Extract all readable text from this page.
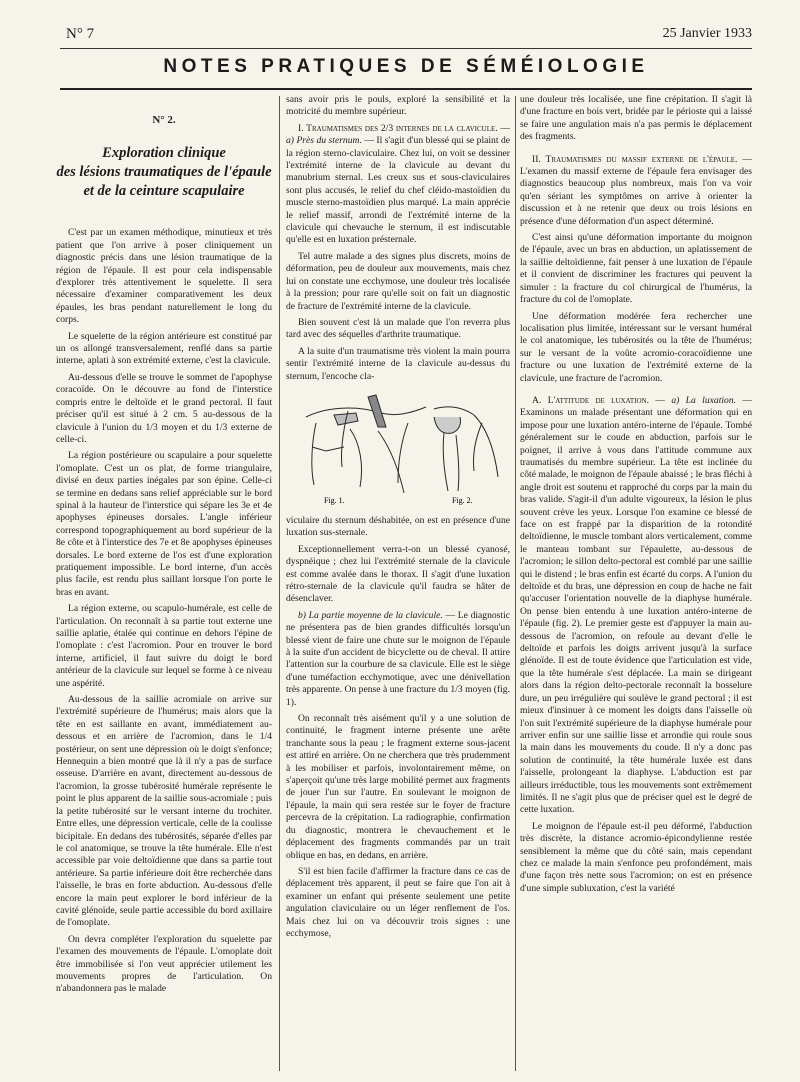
N° 7	25 Janvier 1933
NOTES PRATIQUES DE SÉMÉIOLOGIE
N° 2.
Exploration clinique
des lésions traumatiques de l'épaule
et de la ceinture scapulaire

C'est par un examen méthodique, minutieux et très patient que l'on arrive à poser cliniquement un diagnostic précis dans une lésion traumatique de la région de l'épaule. Il est pour cela indispensable d'explorer très attentivement le squelette. Il sera nécessaire d'examiner comparativement les deux épaules, les bras pendant naturellement le long du corps.

Le squelette de la région antérieure est constitué par un os allongé transversalement, renflé dans sa partie interne, aplati à son extrémité externe, c'est la clavicule.

Au-dessous d'elle se trouve le sommet de l'apophyse coracoïde. On le découvre au fond de l'interstice compris entre le deltoïde et le grand pectoral. Il faut préciser qu'il est situé à 2 cm. 5 au-dessous de la clavicule à l'union du 1/3 moyen et du 1/3 externe de celle-ci.

La région postérieure ou scapulaire a pour squelette l'omoplate. C'est un os plat, de forme triangulaire, divisé en deux parties inégales par son épine. Celle-ci se termine en dedans sans relief appréciable sur le bord spinal à la hauteur de l'interstice qui sépare les 3e et 4e apophyses épineuses dorsales. L'angle inférieur correspond topographiquement au bord supérieur de la 8e côte et à l'interstice des 7e et 8e apophyses épineuses dorsales. Le bord externe de l'os est d'une exploration pratiquement impossible. Le bord interne, d'un accès plus facile, est rendu plus saillant lorsque l'on porte le bras en avant.

La région externe, ou scapulo-humérale, est celle de l'articulation. On reconnaît à sa partie tout externe une saillie aplatie, étalée qui continue en dehors l'épine de l'omoplate : c'est l'acromion. Pour en trouver le bord interne, artificiel, il faut suivre du doigt le bord antérieur de la clavicule sur lequel se forme à ce niveau une aspérité.

Au-dessous de la saillie acromiale on arrive sur l'extrémité supérieure de l'humérus; mais alors que la tête en est saillante en avant, immédiatement au-dessous et en arrière de l'acromion, dans le 1/4 postérieur, on sent une dépression où le doigt s'enfonce; Hennequin a bien montré que là il n'y a pas de surface osseuse. D'arrière en avant, directement au-dessous de l'acromion, la grosse tubérosité humérale représente le point le plus apparent de la saillie sous-acromiale ; puis la petite tubérosité sur le versant interne du trochiter. Entre elles, une dépression verticale, celle de la coulisse bicipitale. En dedans des tubérosités, séparée d'elles par le col anatomique, se trouve la tête humérale. Elle n'est accessible par voie deltoïdienne que dans sa partie tout antérieure. Sa partie inférieure doit être recherchée dans l'aisselle, le bras en forte abduction. Au-dessous d'elle encore la main peut explorer le bord inférieur de la cavité glénoïde, seule partie accessible du bord axillaire de l'omoplate.

On devra compléter l'exploration du squelette par l'examen des mouvements de l'épaule. L'omoplate doit être immobilisée si l'on veut apprécier utilement les mouvements propres de l'articulation. On n'abandonnera pas le malade

sans avoir pris le pouls, exploré la sensibilité et la motricité du membre supérieur.

I. Traumatismes des 2/3 internes de la clavicule. — a) Près du sternum. — Il s'agit d'un blessé qui se plaint de la région sterno-claviculaire. Chez lui, on voit se dessiner l'extrémité interne de la clavicule au devant du manubrium sternal. Les creux sus et sous-claviculaires sont plus accusés, le relief du chef cléido-mastoïdien du muscle sterno-mastoïdien plus marqué. La main apprécie le relief massif, arrondi de l'extrémité interne de la clavicule qui chevauche le sternum, il est indiscutable qu'elle est en luxation présternale.

Tel autre malade a des signes plus discrets, moins de déformation, peu de douleur aux mouvements, mais chez lui on constate une ecchymose, une douleur très localisée à la pression; pour rare qu'elle soit on fait un diagnostic de fracture de l'extrémité interne de la clavicule.

Bien souvent c'est là un malade que l'on reverra plus tard avec des séquelles d'arthrite traumatique.

A la suite d'un traumatisme très violent la main pourra sentir l'extrémité interne de la clavicule au-dessus du sternum, l'encoche cla-

Fig. 1.	Fig. 2.

viculaire du sternum déshabitée, on est en présence d'une luxation sus-sternale.

Exceptionnellement verra-t-on un blessé cyanosé, dyspnéique ; chez lui l'extrémité sternale de la clavicule est comme avalée dans le thorax. Il s'agit d'une luxation rétro-sternale de la clavicule qu'il faudra se hâter de désenclaver.

b) La partie moyenne de la clavicule. — Le diagnostic ne présentera pas de bien grandes difficultés lorsqu'un blessé vient de faire une chute sur le moignon de l'épaule à la suite d'un accident de bicyclette ou de cheval. Il attire l'attention sur la courbure de sa clavicule. Elle est le siège d'une tuméfaction ecchymotique, avec une dénivellation très apparente. On pense à une fracture du 1/3 moyen (fig. 1).

On reconnaît très aisément qu'il y a une solution de continuité, le fragment interne présente une arête tranchante sous la peau ; le fragment externe sous-jacent est attiré en arrière. On ne cherchera que très prudemment à les mobiliser et parfois, involontairement même, on s'aperçoit qu'une très large mobilité permet aux fragments de jouer l'un sur l'autre. En soulevant le moignon de l'épaule, la main qui sera restée sur le foyer de fracture percevra de la crépitation. La radiographie, confirmation du diagnostic, montrera le chevauchement et le déplacement des fragments commandés par un trait oblique en bas, en dedans, en arrière.

S'il est bien facile d'affirmer la fracture dans ce cas de déplacement très apparent, il peut se faire que l'on ait à examiner un enfant qui présente seulement une petite angulation claviculaire ou un léger renflement de l'os. Mais chez lui on va découvrir trois signes : une ecchymose,

une douleur très localisée, une fine crépitation. Il s'agit là d'une fracture en bois vert, bridée par le périoste qui a laissé se faire une angulation mais n'a pas permis le déplacement des fragments.

II. Traumatismes du massif externe de l'épaule. — L'examen du massif externe de l'épaule fera envisager des diagnostics beaucoup plus nombreux, mais l'on va voir qu'en sériant les symptômes on arrive à orienter la discussion et à ne retenir que deux ou trois lésions en présence d'une déformation d'un aspect déterminé.

C'est ainsi qu'une déformation importante du moignon de l'épaule, avec un bras en abduction, un aplatissement de la saillie deltoïdienne, fait penser à une luxation de l'épaule et il convient de discriminer les fractures qui peuvent la simuler : la fracture du col chirurgical de l'humérus, la fracture du col de l'omoplate.

Une déformation modérée fera rechercher une localisation plus limitée, intéressant sur le versant huméral le col anatomique, les tubérosités ou la tête de l'humérus; sur le versant de la voûte acromio-coracoïdienne une fracture ou une luxation de l'extrémité externe de la clavicule, une fracture de l'acromion.

A. L'attitude de luxation. — a) La luxation. — Examinons un malade présentant une déformation qui en impose pour une luxation antéro-interne de l'épaule. Tombé généralement sur le coude en abduction, parfois sur le poignet, il arrive à vous dans l'attitude commune aux traumatisés du membre supérieur. La tête est inclinée du côté malade, le moignon de l'épaule abaissé ; le bras fléchi à angle droit est soutenu et rapproché du corps par la main du bras valide. S'agit-il d'un adulte vigoureux, la lésion le plus souvent crève les yeux. Lorsque l'on examine ce blessé de face on est frappé par la disparition de la rotondité deltoïdienne, le muscle tombant alors verticalement, comme le manteau tombant sur l'épaulette, au-dessous de l'acromion; le sillon delto-pectoral est comblé par une saillie qui le distend ; le bras enfin est écarté du corps. A l'union du deltoïde et du bras, une dépression en coup de hache ne fait qu'accuser l'orientation nouvelle de la diaphyse humérale. On pense bien entendu à une luxation antéro-interne de l'épaule (fig. 2). Le premier geste est d'appuyer la main au-dessous de l'acromion, on refoule au devant d'elle le deltoïde et parfois les doigts arrivent jusqu'à la surface glénoïde. Il est de toute évidence que l'articulation est vide, que la tête humérale s'est déplacée. La main se dirigeant alors dans la région delto-pectorale reconnaît la bosselure dure, un peu irrégulière qui soulève le grand pectoral ; il est mieux d'insinuer à ce moment les doigts dans l'aisselle où l'on suit l'extrémité supérieure de la diaphyse humérale pour arriver enfin sur une saillie lisse et arrondie qui roule sous la main dans les mouvements du coude. Il n'y a donc pas solution de continuité, la tête humérale luxée est dans l'aisselle, prolongeant la diaphyse. L'abduction est par ailleurs irréductible, tous les mouvements sont extrêmement limités. Il ne s'agit plus que de préciser quel est le degré de cette luxation.

Le moignon de l'épaule est-il peu déformé, l'abduction très discrète, la distance acromio-épicondylienne restée sensiblement la même que du côté sain, mais cependant chez ce malade la main s'enfonce peu profondément, mais d'une façon très nette sous l'acromion; on est en présence d'une simple subluxation, c'est la variété
